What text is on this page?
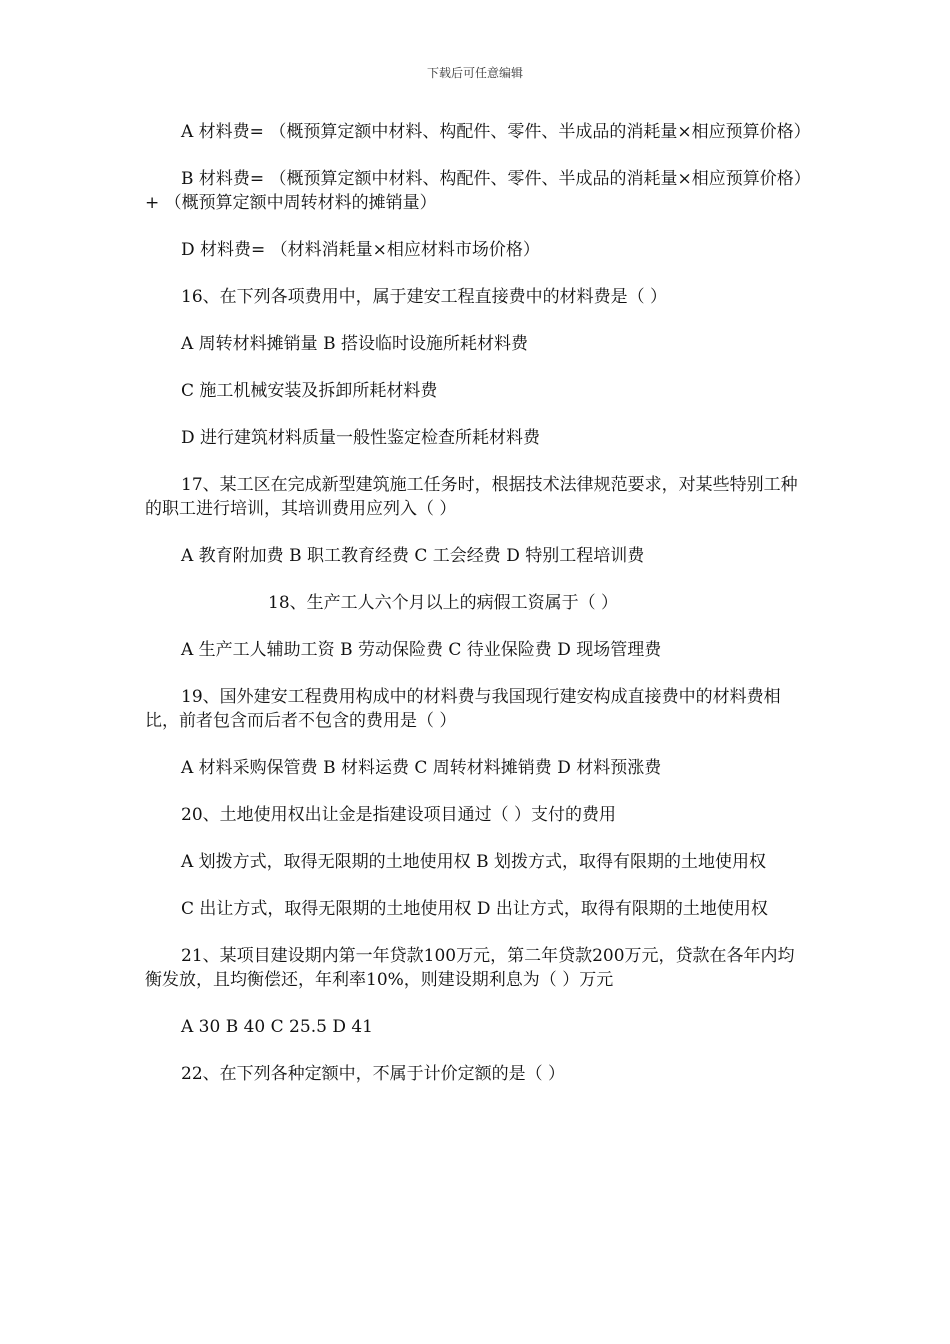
下载后可任意编辑

A 材料费= （概预算定额中材料、构配件、零件、半成品的消耗量×相应预算价格）

B 材料费= （概预算定额中材料、构配件、零件、半成品的消耗量×相应预算价格）+ （概预算定额中周转材料的摊销量）

D 材料费= （材料消耗量×相应材料市场价格）

16、在下列各项费用中，属于建安工程直接费中的材料费是（ ）

A 周转材料摊销量 B 搭设临时设施所耗材料费

C 施工机械安装及拆卸所耗材料费

D 进行建筑材料质量一般性鉴定检查所耗材料费

17、某工区在完成新型建筑施工任务时，根据技术法律规范要求，对某些特别工种的职工进行培训，其培训费用应列入（ ）

A 教育附加费 B 职工教育经费 C 工会经费 D 特别工程培训费

18、生产工人六个月以上的病假工资属于（ ）

A 生产工人辅助工资 B 劳动保险费 C 待业保险费 D 现场管理费

19、国外建安工程费用构成中的材料费与我国现行建安构成直接费中的材料费相比，前者包含而后者不包含的费用是（ ）

A 材料采购保管费 B 材料运费 C 周转材料摊销费 D 材料预涨费

20、土地使用权出让金是指建设项目通过（ ）支付的费用

A 划拨方式，取得无限期的土地使用权 B 划拨方式，取得有限期的土地使用权

C 出让方式，取得无限期的土地使用权 D 出让方式，取得有限期的土地使用权

21、某项目建设期内第一年贷款100万元，第二年贷款200万元，贷款在各年内均衡发放，且均衡偿还，年利率10%，则建设期利息为（ ）万元

A 30 B 40 C 25.5 D 41

22、在下列各种定额中，不属于计价定额的是（ ）
